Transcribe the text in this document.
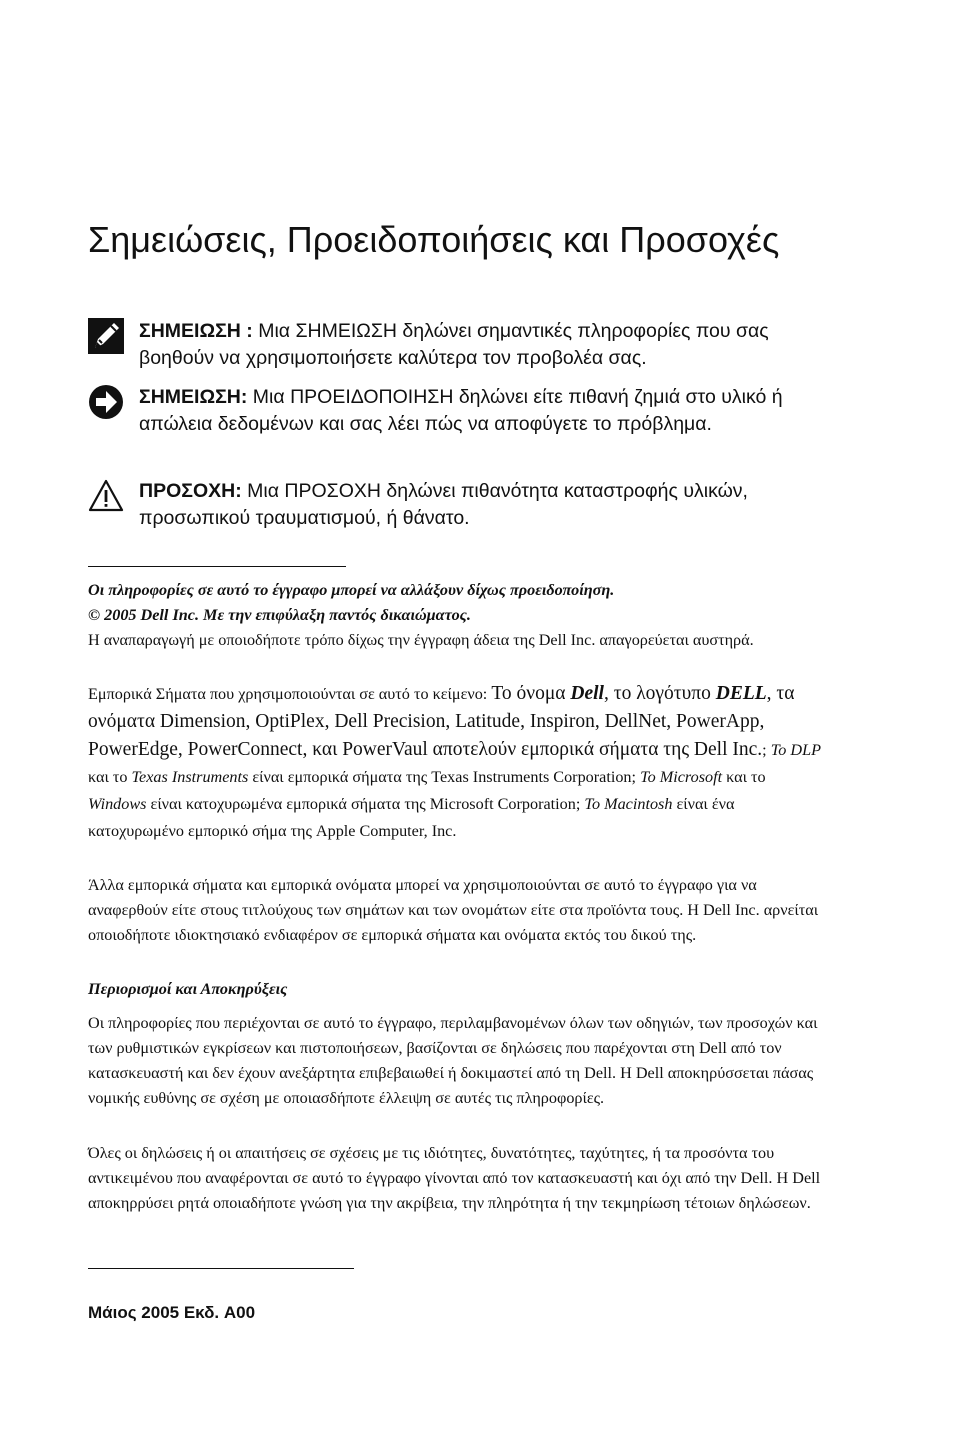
Σημειώσεις, Προειδοποιήσεις και Προσοχές
ΣΗΜΕΙΩΣΗ : Μια ΣΗΜΕΙΩΣΗ δηλώνει σημαντικές πληροφορίες που σας βοηθούν να χρησιμοποιήσετε καλύτερα τον προβολέα σας.
ΣΗΜΕΙΩΣΗ: Μια ΠΡΟΕΙΔΟΠΟΙΗΣΗ δηλώνει είτε πιθανή ζημιά στο υλικό ή απώλεια δεδομένων και σας λέει πώς να αποφύγετε το πρόβλημα.
ΠΡΟΣΟΧΗ: Μια ΠΡΟΣΟΧΗ δηλώνει πιθανότητα καταστροφής υλικών, προσωπικού τραυματισμού, ή θάνατο.
Οι πληροφορίες σε αυτό το έγγραφο μπορεί να αλλάξουν δίχως προειδοποίηση.
© 2005 Dell Inc. Με την επιφύλαξη παντός δικαιώματος.
Η αναπαραγωγή με οποιοδήποτε τρόπο δίχως την έγγραφη άδεια της Dell Inc. απαγορεύεται αυστηρά.
Εμπορικά Σήματα που χρησιμοποιούνται σε αυτό το κείμενο: Το όνομα Dell, το λογότυπο DELL, τα ονόματα Dimension, OptiPlex, Dell Precision, Latitude, Inspiron, DellNet, PowerApp, PowerEdge, PowerConnect, και PowerVaul αποτελούν εμπορικά σήματα της Dell Inc.; Το DLP και το Texas Instruments είναι εμπορικά σήματα της Texas Instruments Corporation; Το Microsoft και το Windows είναι κατοχυρωμένα εμπορικά σήματα της Microsoft Corporation; Το Macintosh είναι ένα κατοχυρωμένο εμπορικό σήμα της Apple Computer, Inc.
Άλλα εμπορικά σήματα και εμπορικά ονόματα μπορεί να χρησιμοποιούνται σε αυτό το έγγραφο για να αναφερθούν είτε στους τιτλούχους των σημάτων και των ονομάτων είτε στα προϊόντα τους. Η Dell Inc. αρνείται οποιοδήποτε ιδιοκτησιακό ενδιαφέρον σε εμπορικά σήματα και ονόματα εκτός του δικού της.
Περιορισμοί και Αποκηρύξεις
Οι πληροφορίες που περιέχονται σε αυτό το έγγραφο, περιλαμβανομένων όλων των οδηγιών, των προσοχών και των ρυθμιστικών εγκρίσεων και πιστοποιήσεων, βασίζονται σε δηλώσεις που παρέχονται στη Dell από τον κατασκευαστή και δεν έχουν ανεξάρτητα επιβεβαιωθεί ή δοκιμαστεί από τη Dell. Η Dell αποκηρύσσεται πάσας νομικής ευθύνης σε σχέση με οποιασδήποτε έλλειψη σε αυτές τις πληροφορίες.
Όλες οι δηλώσεις ή οι απαιτήσεις σε σχέσεις με τις ιδιότητες, δυνατότητες, ταχύτητες, ή τα προσόντα του αντικειμένου που αναφέρονται σε αυτό το έγγραφο γίνονται από τον κατασκευαστή και όχι από την Dell. Η Dell αποκηρρύσει ρητά οποιαδήποτε γνώση για την ακρίβεια, την πληρότητα ή την τεκμηρίωση τέτοιων δηλώσεων.
Μάιος 2005 Εκδ. A00
